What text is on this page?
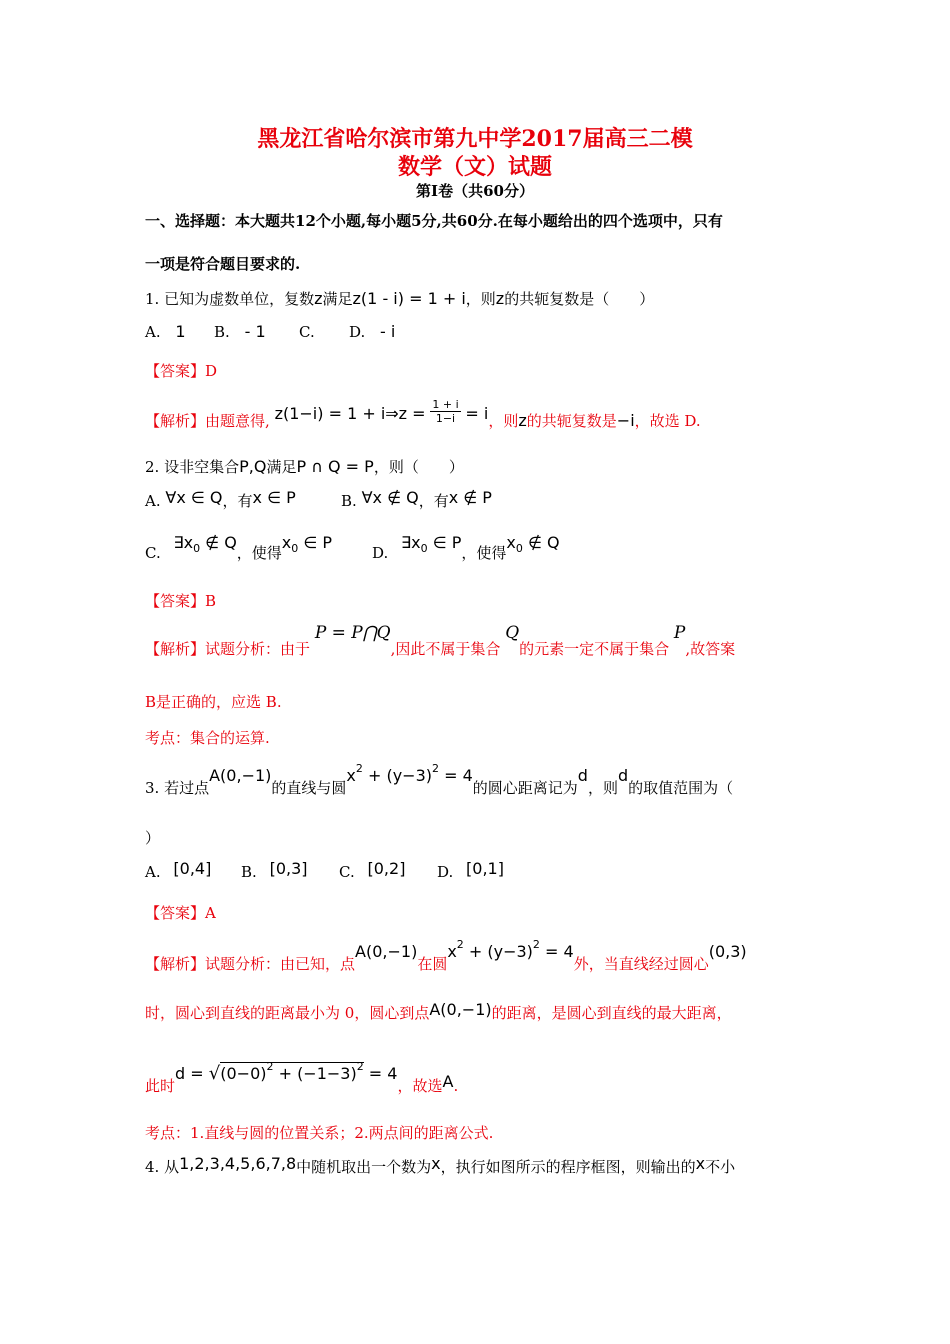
黑龙江省哈尔滨市第九中学2017届高三二模
数学（文）试题
第Ⅰ卷（共60分）
一、选择题：本大题共12个小题,每小题5分,共60分.在每小题给出的四个选项中，只有
一项是符合题目要求的.
1. 已知为虚数单位，复数z满足z(1 - i) = 1 + i，则z的共轭复数是（　　）
A. 1 B. - 1 C. D. - i
【答案】D
【解析】由题意得, z(1−i) = 1 + i⇒z = $\frac{1 + i}{1-i} = i$，则z的共轭复数是−i，故选 D.
2. 设非空集合P,Q满足P ∩ Q = P，则（　　）
A. ∀x ∈ Q，有x ∈ P	B. ∀x ∉ Q，有x ∉ P
C. $\exists x_0$ ∉ Q，使得$x_0$ ∈ P
D. $\exists x_0$ ∈ P，使得$x_0$ ∉ Q
【答案】B
【解析】试题分析：由于 P = P⋂Q,因此不属于集合 Q的元素一定不属于集合 P,故答案
B是正确的，应选 B.
考点：集合的运算.
3. 若过点A(0,−1)的直线与圆$x^2 + (y-3)^2 = 4$的圆心距离记为d，则d的取值范围为（
）
A. [0,4] B. [0,3] C. [0,2] D. [0,1]
【答案】A
【解析】试题分析：由已知，点A(0,−1)在圆$x^2 + (y-3)^2 = 4$外，当直线经过圆心(0,3)
时，圆心到直线的距离最小为 0，圆心到点A(0,−1)的距离，是圆心到直线的最大距离，
此时$d = √(0-0)^2 + (-1-3)^2 = 4$，故选A.
考点：1.直线与圆的位置关系；2.两点间的距离公式.
4. 从1,2,3,4,5,6,7,8中随机取出一个数为x，执行如图所示的程序框图，则输出的x不小
